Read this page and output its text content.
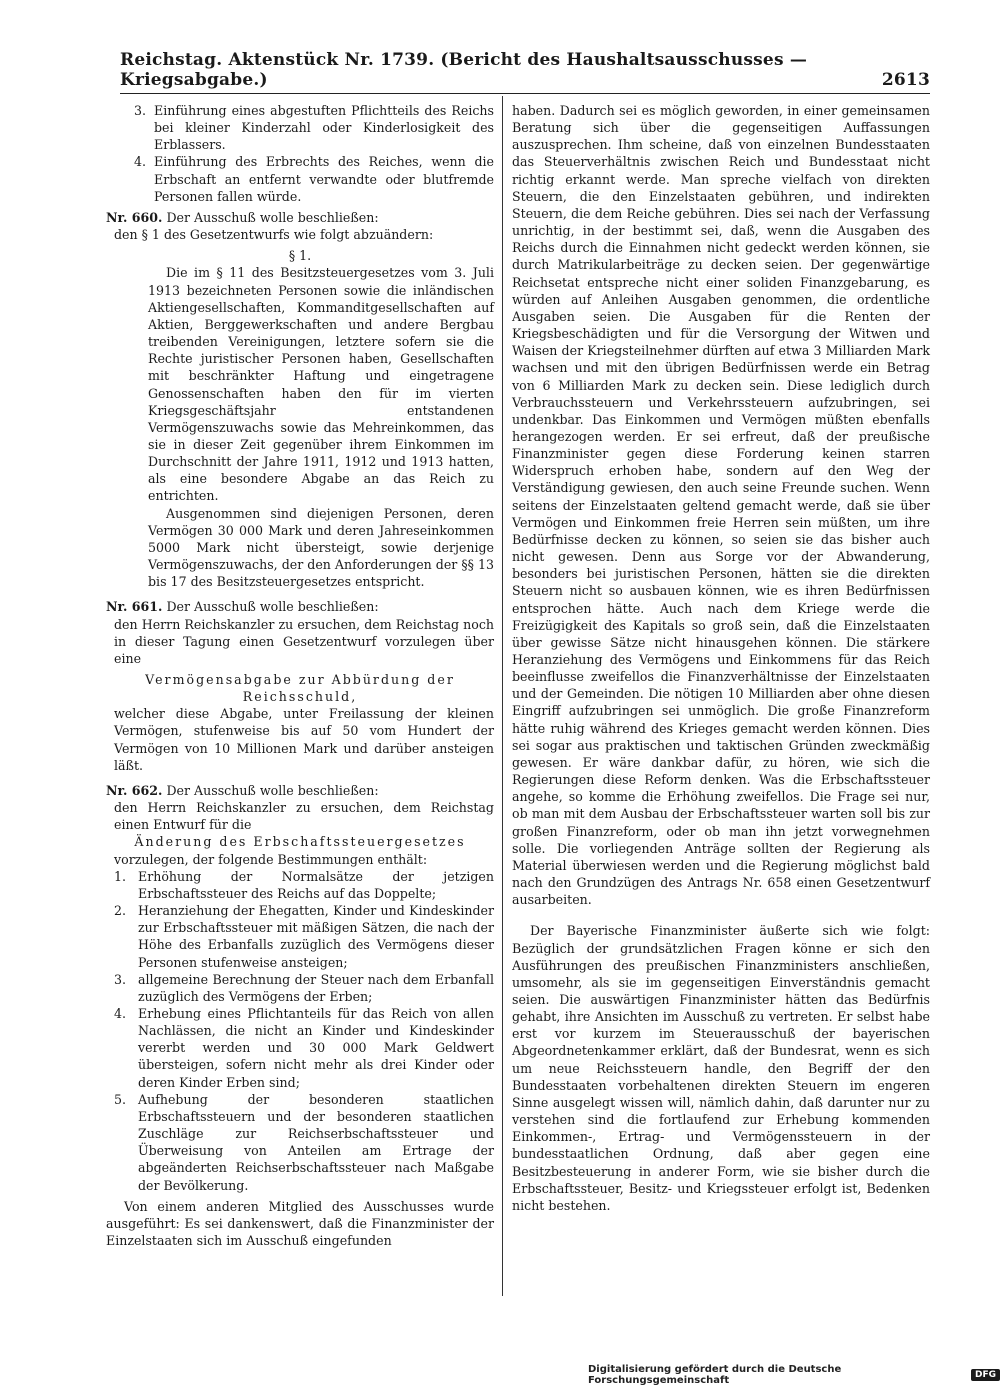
Reichstag. Aktenstück Nr. 1739. (Bericht des Haushaltsausschusses — Kriegsabgabe.)	2613
3. Einführung eines abgestuften Pflichtteils des Reichs bei kleiner Kinderzahl oder Kinderlosigkeit des Erblassers.
4. Einführung des Erbrechts des Reiches, wenn die Erbschaft an entfernt verwandte oder blutfremde Personen fallen würde.

Nr. 660. Der Ausschuß wolle beschließen:

den § 1 des Gesetzentwurfs wie folgt abzuändern:

§ 1.

Die im § 11 des Besitzsteuergesetzes vom 3. Juli 1913 bezeichneten Personen sowie die inländischen Aktiengesellschaften, Kommanditgesellschaften auf Aktien, Berggewerkschaften und andere Bergbau treibenden Vereinigungen, letztere sofern sie die Rechte juristischer Personen haben, Gesellschaften mit beschränkter Haftung und eingetragene Genossenschaften haben den für im vierten Kriegsgeschäftsjahr entstandenen Vermögenszuwachs sowie das Mehreinkommen, das sie in dieser Zeit gegenüber ihrem Einkommen im Durchschnitt der Jahre 1911, 1912 und 1913 hatten, als eine besondere Abgabe an das Reich zu entrichten.

Ausgenommen sind diejenigen Personen, deren Vermögen 30 000 Mark und deren Jahreseinkommen 5000 Mark nicht übersteigt, sowie derjenige Vermögenszuwachs, der den Anforderungen der §§ 13 bis 17 des Besitzsteuergesetzes entspricht.

Nr. 661. Der Ausschuß wolle beschließen:

den Herrn Reichskanzler zu ersuchen, dem Reichstag noch in dieser Tagung einen Gesetzentwurf vorzulegen über eine

Vermögensabgabe zur Abbürdung der Reichsschuld,

welcher diese Abgabe, unter Freilassung der kleinen Vermögen, stufenweise bis auf 50 vom Hundert der Vermögen von 10 Millionen Mark und darüber ansteigen läßt.

Nr. 662. Der Ausschuß wolle beschließen:

den Herrn Reichskanzler zu ersuchen, dem Reichstag einen Entwurf für die

Änderung des Erbschaftssteuergesetzes

vorzulegen, der folgende Bestimmungen enthält:

1. Erhöhung der Normalsätze der jetzigen Erbschaftssteuer des Reichs auf das Doppelte;
2. Heranziehung der Ehegatten, Kinder und Kindeskinder zur Erbschaftssteuer mit mäßigen Sätzen, die nach der Höhe des Erbanfalls zuzüglich des Vermögens dieser Personen stufenweise ansteigen;
3. allgemeine Berechnung der Steuer nach dem Erbanfall zuzüglich des Vermögens der Erben;
4. Erhebung eines Pflichtanteils für das Reich von allen Nachlässen, die nicht an Kinder und Kindeskinder vererbt werden und 30 000 Mark Geldwert übersteigen, sofern nicht mehr als drei Kinder oder deren Kinder Erben sind;
5. Aufhebung der besonderen staatlichen Erbschaftssteuern und der besonderen staatlichen Zuschläge zur Reichserbschaftssteuer und Überweisung von Anteilen am Ertrage der abgeänderten Reichserbschaftssteuer nach Maßgabe der Bevölkerung.

Von einem anderen Mitglied des Ausschusses wurde ausgeführt: Es sei dankenswert, daß die Finanzminister der Einzelstaaten sich im Ausschuß eingefunden

haben. Dadurch sei es möglich geworden, in einer gemeinsamen Beratung sich über die gegenseitigen Auffassungen auszusprechen. Ihm scheine, daß von einzelnen Bundesstaaten das Steuerverhältnis zwischen Reich und Bundesstaat nicht richtig erkannt werde. Man spreche vielfach von direkten Steuern, die den Einzelstaaten gebühren, und indirekten Steuern, die dem Reiche gebühren. Dies sei nach der Verfassung unrichtig, in der bestimmt sei, daß, wenn die Ausgaben des Reichs durch die Einnahmen nicht gedeckt werden können, sie durch Matrikularbeiträge zu decken seien. Der gegenwärtige Reichsetat entspreche nicht einer soliden Finanzgebarung, es würden auf Anleihen Ausgaben genommen, die ordentliche Ausgaben seien. Die Ausgaben für die Renten der Kriegsbeschädigten und für die Versorgung der Witwen und Waisen der Kriegsteilnehmer dürften auf etwa 3 Milliarden Mark wachsen und mit den übrigen Bedürfnissen werde ein Betrag von 6 Milliarden Mark zu decken sein. Diese lediglich durch Verbrauchssteuern und Verkehrssteuern aufzubringen, sei undenkbar. Das Einkommen und Vermögen müßten ebenfalls herangezogen werden. Er sei erfreut, daß der preußische Finanzminister gegen diese Forderung keinen starren Widerspruch erhoben habe, sondern auf den Weg der Verständigung gewiesen, den auch seine Freunde suchen. Wenn seitens der Einzelstaaten geltend gemacht werde, daß sie über Vermögen und Einkommen freie Herren sein müßten, um ihre Bedürfnisse decken zu können, so seien sie das bisher auch nicht gewesen. Denn aus Sorge vor der Abwanderung, besonders bei juristischen Personen, hätten sie die direkten Steuern nicht so ausbauen können, wie es ihren Bedürfnissen entsprochen hätte. Auch nach dem Kriege werde die Freizügigkeit des Kapitals so groß sein, daß die Einzelstaaten über gewisse Sätze nicht hinausgehen können. Die stärkere Heranziehung des Vermögens und Einkommens für das Reich beeinflusse zweifellos die Finanzverhältnisse der Einzelstaaten und der Gemeinden. Die nötigen 10 Milliarden aber ohne diesen Eingriff aufzubringen sei unmöglich. Die große Finanzreform hätte ruhig während des Krieges gemacht werden können. Dies sei sogar aus praktischen und taktischen Gründen zweckmäßig gewesen. Er wäre dankbar dafür, zu hören, wie sich die Regierungen diese Reform denken. Was die Erbschaftssteuer angehe, so komme die Erhöhung zweifellos. Die Frage sei nur, ob man mit dem Ausbau der Erbschaftssteuer warten soll bis zur großen Finanzreform, oder ob man ihn jetzt vorwegnehmen solle. Die vorliegenden Anträge sollten der Regierung als Material überwiesen werden und die Regierung möglichst bald nach den Grundzügen des Antrags Nr. 658 einen Gesetzentwurf ausarbeiten.

Der Bayerische Finanzminister äußerte sich wie folgt: Bezüglich der grundsätzlichen Fragen könne er sich den Ausführungen des preußischen Finanzministers anschließen, umsomehr, als sie im gegenseitigen Einverständnis gemacht seien. Die auswärtigen Finanzminister hätten das Bedürfnis gehabt, ihre Ansichten im Ausschuß zu vertreten. Er selbst habe erst vor kurzem im Steuerausschuß der bayerischen Abgeordnetenkammer erklärt, daß der Bundesrat, wenn es sich um neue Reichssteuern handle, den Begriff der den Bundesstaaten vorbehaltenen direkten Steuern im engeren Sinne ausgelegt wissen will, nämlich dahin, daß darunter nur zu verstehen sind die fortlaufend zur Erhebung kommenden Einkommen-, Ertrag- und Vermögenssteuern in der bundesstaatlichen Ordnung, daß aber gegen eine Besitzbesteuerung in anderer Form, wie sie bisher durch die Erbschaftssteuer, Besitz- und Kriegssteuer erfolgt ist, Bedenken nicht bestehen.

Digitalisierung gefördert durch die Deutsche Forschungsgemeinschaft	DFG
